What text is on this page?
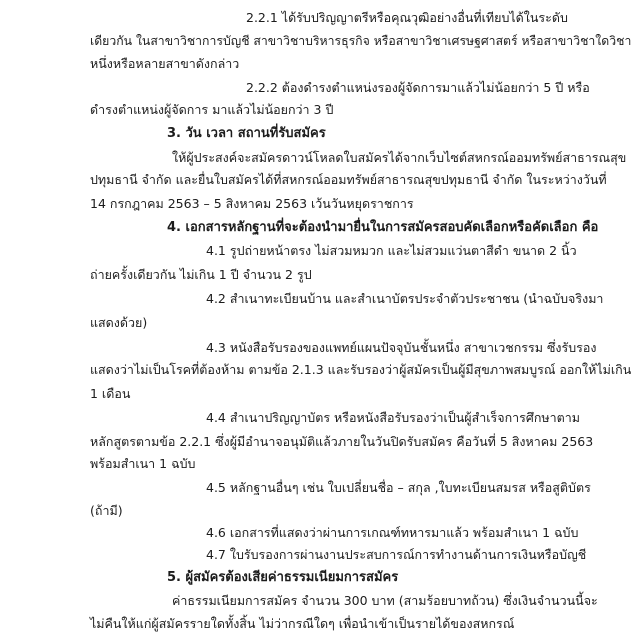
2.2.1 ได้รับปริญญาตรีหรือคุณวุฒิอย่างอื่นที่เทียบได้ในระดับ
เดียวกัน ในสาขาวิชาการบัญชี สาขาวิชาบริหารธุรกิจ หรือสาขาวิชาเศรษฐศาสตร์ หรือสาขาวิชาใดวิชา
หนึ่งหรือหลายสาขาดังกล่าว
2.2.2 ต้องดำรงตำแหน่งรองผู้จัดการมาแล้วไม่น้อยกว่า 5 ปี หรือ
ดำรงตำแหน่งผู้จัดการ มาแล้วไม่น้อยกว่า 3 ปี
3. วัน เวลา สถานที่รับสมัคร
ให้ผู้ประสงค์จะสมัครดาวน์โหลดใบสมัครได้จากเว็บไซต์สหกรณ์ออมทรัพย์สาธารณสุข
ปทุมธานี จำกัด และยื่นใบสมัครได้ที่สหกรณ์ออมทรัพย์สาธารณสุขปทุมธานี จำกัด ในระหว่างวันที่
14 กรกฎาคม 2563 – 5 สิงหาคม 2563 เว้นวันหยุดราชการ
4. เอกสารหลักฐานที่จะต้องนำมายื่นในการสมัครสอบคัดเลือกหรือคัดเลือก คือ
4.1 รูปถ่ายหน้าตรง ไม่สวมหมวก และไม่สวมแว่นตาสีดำ ขนาด 2 นิ้ว
ถ่ายครั้งเดียวกัน ไม่เกิน 1 ปี จำนวน 2 รูป
4.2 สำเนาทะเบียนบ้าน และสำเนาบัตรประจำตัวประชาชน (นำฉบับจริงมา
แสดงด้วย)
4.3 หนังสือรับรองของแพทย์แผนปัจจุบันชั้นหนึ่ง สาขาเวชกรรม ซึ่งรับรอง
แสดงว่าไม่เป็นโรคที่ต้องห้าม ตามข้อ 2.1.3 และรับรองว่าผู้สมัครเป็นผู้มีสุขภาพสมบูรณ์ ออกให้ไม่เกิน
1 เดือน
4.4 สำเนาปริญญาบัตร หรือหนังสือรับรองว่าเป็นผู้สำเร็จการศึกษาตาม
หลักสูตรตามข้อ 2.2.1 ซึ่งผู้มีอำนาจอนุมัติแล้วภายในวันปิดรับสมัคร คือวันที่ 5 สิงหาคม 2563
พร้อมสำเนา 1 ฉบับ
4.5 หลักฐานอื่นๆ เช่น ใบเปลี่ยนชื่อ – สกุล ,ใบทะเบียนสมรส หรือสูติบัตร
(ถ้ามี)
4.6 เอกสารที่แสดงว่าผ่านการเกณฑ์ทหารมาแล้ว พร้อมสำเนา 1 ฉบับ
4.7 ใบรับรองการผ่านงานประสบการณ์การทำงานด้านการเงินหรือบัญชี
5. ผู้สมัครต้องเสียค่าธรรมเนียมการสมัคร
ค่าธรรมเนียมการสมัคร จำนวน 300 บาท (สามร้อยบาทถ้วน) ซึ่งเงินจำนวนนี้จะ
ไม่คืนให้แก่ผู้สมัครรายใดทั้งสิ้น ไม่ว่ากรณีใดๆ เพื่อนำเข้าเป็นรายได้ของสหกรณ์
